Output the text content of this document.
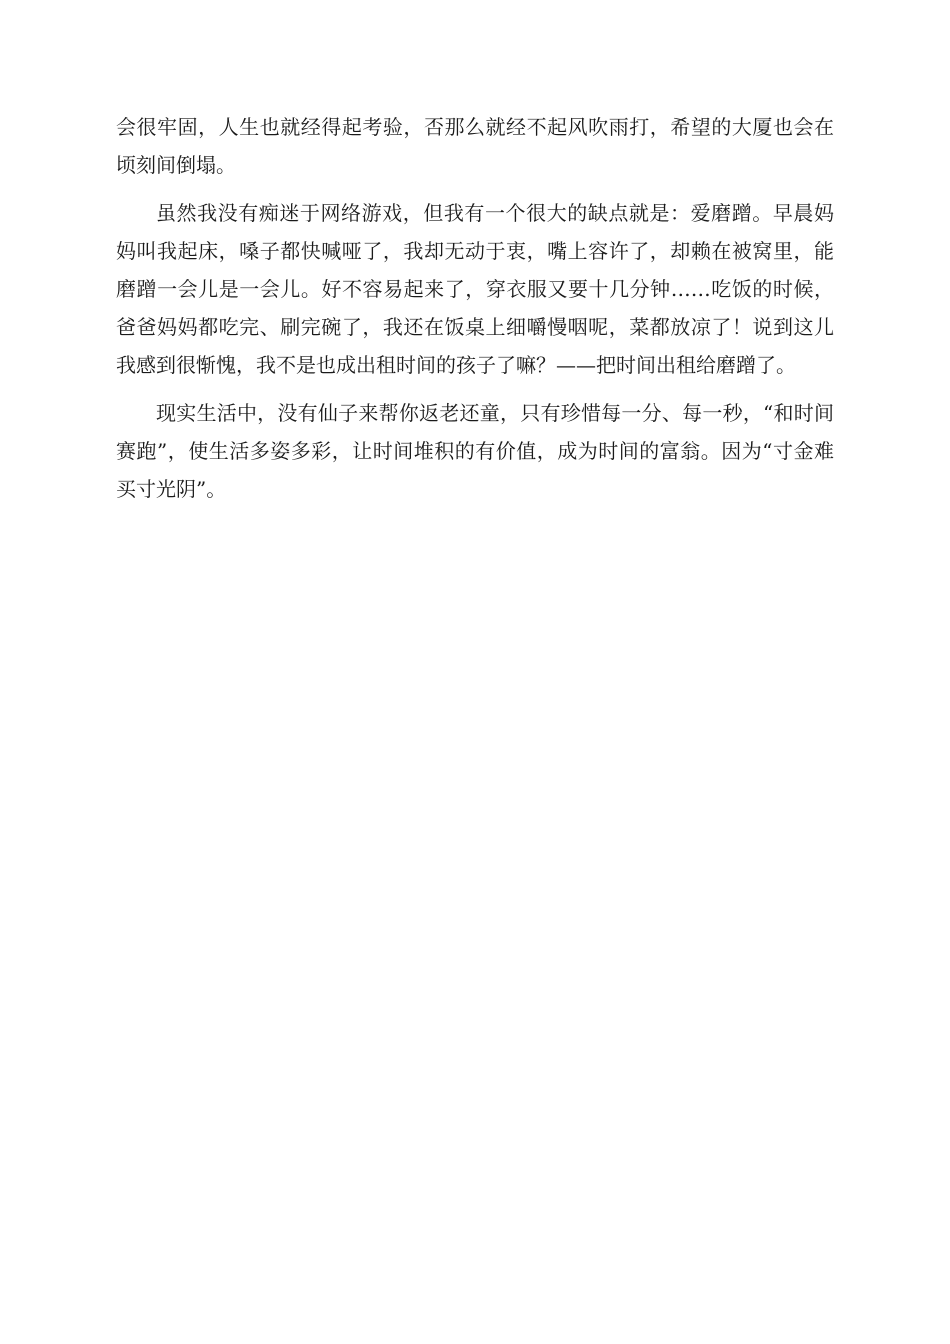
会很牢固，人生也就经得起考验，否那么就经不起风吹雨打，希望的大厦也会在顷刻间倒塌。

虽然我没有痴迷于网络游戏，但我有一个很大的缺点就是：爱磨蹭。早晨妈妈叫我起床，嗓子都快喊哑了，我却无动于衷，嘴上容许了，却赖在被窝里，能磨蹭一会儿是一会儿。好不容易起来了，穿衣服又要十几分钟……吃饭的时候，爸爸妈妈都吃完、刷完碗了，我还在饭桌上细嚼慢咽呢，菜都放凉了！说到这儿我感到很惭愧，我不是也成出租时间的孩子了嘛？——把时间出租给磨蹭了。

现实生活中，没有仙子来帮你返老还童，只有珍惜每一分、每一秒，“和时间赛跑”，使生活多姿多彩，让时间堆积的有价值，成为时间的富翁。因为“寸金难买寸光阴”。
